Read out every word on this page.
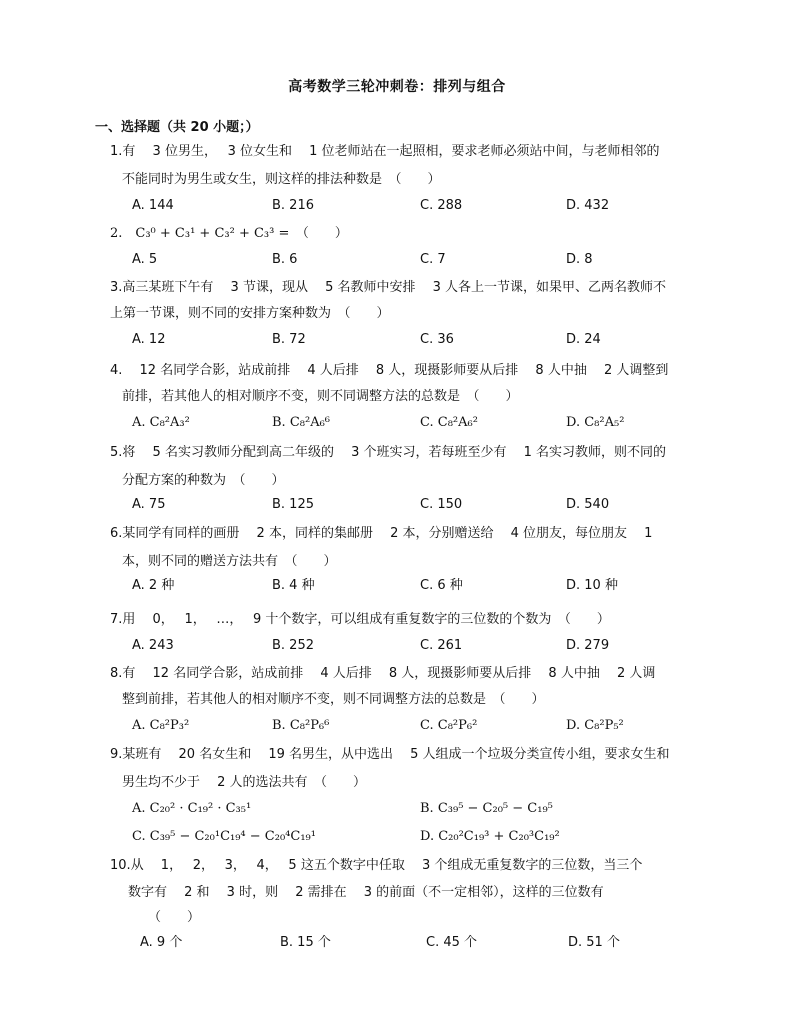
高考数学三轮冲刺卷：排列与组合
一、选择题（共 20 小题；）
1.有　 3 位男生，　 3 位女生和　 1 位老师站在一起照相，要求老师必须站中间，与老师相邻的
不能同时为男生或女生，则这样的排法种数是　（　　）
A. 144	B. 216	C. 288	D. 432
2.　C₃⁰ + C₃¹ + C₃² + C₃³ =　（　　）
A. 5	B. 6	C. 7	D. 8
3.高三某班下午有　 3 节课，现从　 5 名教师中安排　 3 人各上一节课，如果甲、乙两名教师不
上第一节课，则不同的安排方案种数为　（　　）
A. 12	B. 72	C. 36	D. 24
4.　 12 名同学合影，站成前排　 4 人后排　 8 人，现摄影师要从后排　 8 人中抽　 2 人调整到
前排，若其他人的相对顺序不变，则不同调整方法的总数是　（　　）
A. C₈²A₃²	B. C₈²A₆⁶	C. C₈²A₆²	D. C₈²A₅²
5.将　 5 名实习教师分配到高二年级的　 3 个班实习，若每班至少有　 1 名实习教师，则不同的
分配方案的种数为　（　　）
A. 75	B. 125	C. 150	D. 540
6.某同学有同样的画册　 2 本，同样的集邮册　 2 本，分别赠送给　 4 位朋友，每位朋友　 1
本，则不同的赠送方法共有　（　　）
A. 2 种	B. 4 种	C. 6 种	D. 10 种
7.用　 0，　 1，　 …，　 9 十个数字，可以组成有重复数字的三位数的个数为　（　　）
A. 243	B. 252	C. 261	D. 279
8.有　 12 名同学合影，站成前排　 4 人后排　 8 人，现摄影师要从后排　 8 人中抽　 2 人调
整到前排，若其他人的相对顺序不变，则不同调整方法的总数是　（　　）
A. C₈²P₃²	B. C₈²P₆⁶	C. C₈²P₆²	D. C₈²P₅²
9.某班有　 20 名女生和　 19 名男生，从中选出　 5 人组成一个垃圾分类宣传小组，要求女生和
男生均不少于　 2 人的选法共有　（　　）
A. C₂₀² · C₁₉² · C₃₅¹	B. C₃₉⁵ − C₂₀⁵ − C₁₉⁵
C. C₃₉⁵ − C₂₀¹C₁₉⁴ − C₂₀⁴C₁₉¹	D. C₂₀²C₁₉³ + C₂₀³C₁₉²
10.从　 1，　 2，　 3，　 4，　 5 这五个数字中任取　 3 个组成无重复数字的三位数，当三个
数字有　 2 和　 3 时，则　 2 需排在　 3 的前面（不一定相邻），这样的三位数有
（　　）
A. 9 个	B. 15 个	C. 45 个	D. 51 个
